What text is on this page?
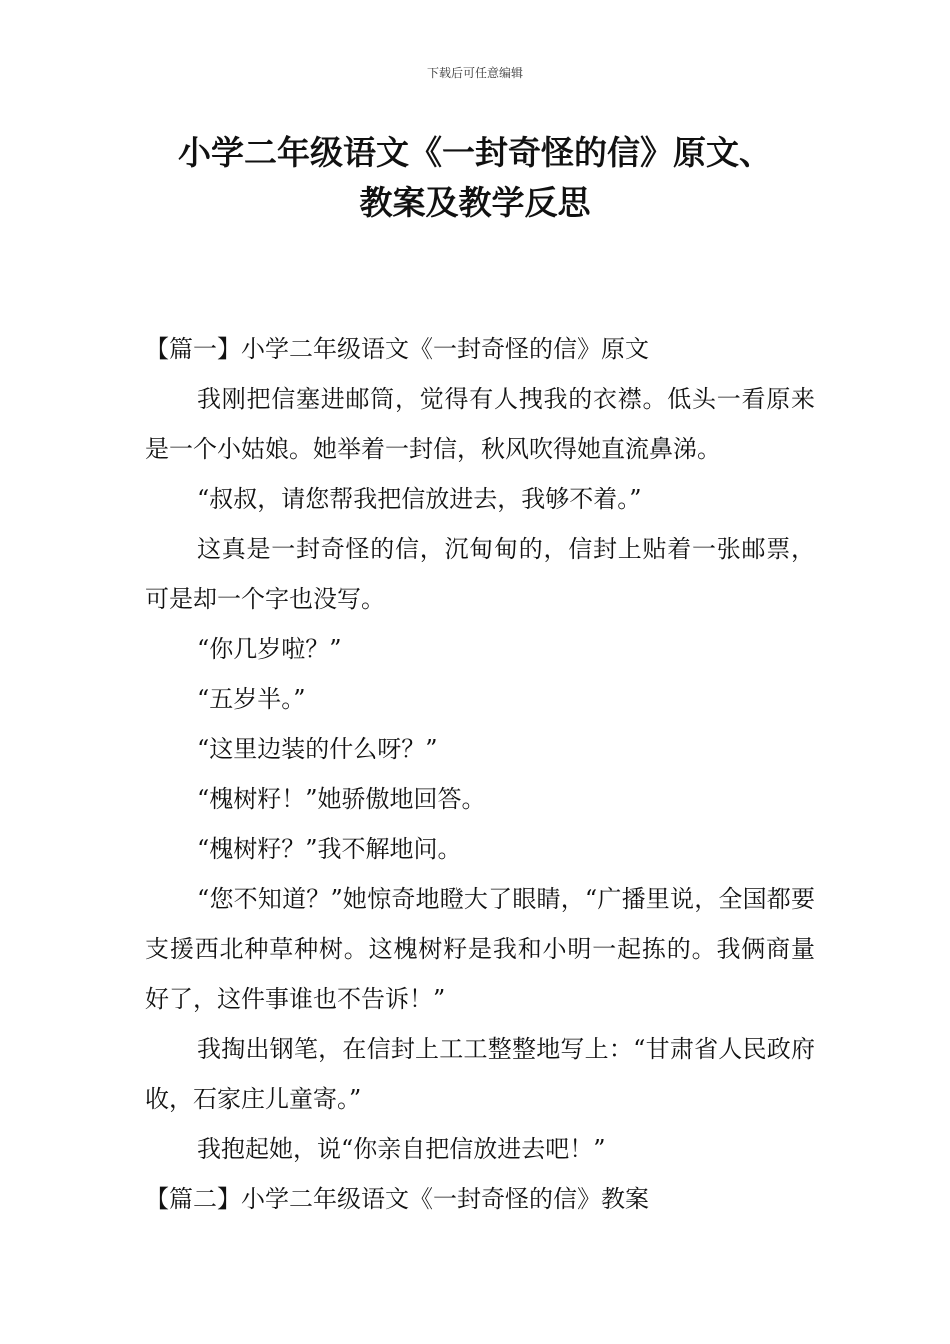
下载后可任意编辑
小学二年级语文《一封奇怪的信》原文、
教案及教学反思

【篇一】小学二年级语文《一封奇怪的信》原文

我刚把信塞进邮筒，觉得有人拽我的衣襟。低头一看原来是一个小姑娘。她举着一封信，秋风吹得她直流鼻涕。

“叔叔，请您帮我把信放进去，我够不着。”

这真是一封奇怪的信，沉甸甸的，信封上贴着一张邮票，可是却一个字也没写。

“你几岁啦？”

“五岁半。”

“这里边装的什么呀？”

“槐树籽！”她骄傲地回答。

“槐树籽？”我不解地问。

“您不知道？”她惊奇地瞪大了眼睛，“广播里说，全国都要支援西北种草种树。这槐树籽是我和小明一起拣的。我俩商量好了，这件事谁也不告诉！”

我掏出钢笔，在信封上工工整整地写上：“甘肃省人民政府收，石家庄儿童寄。”

我抱起她，说“你亲自把信放进去吧！”

【篇二】小学二年级语文《一封奇怪的信》教案
